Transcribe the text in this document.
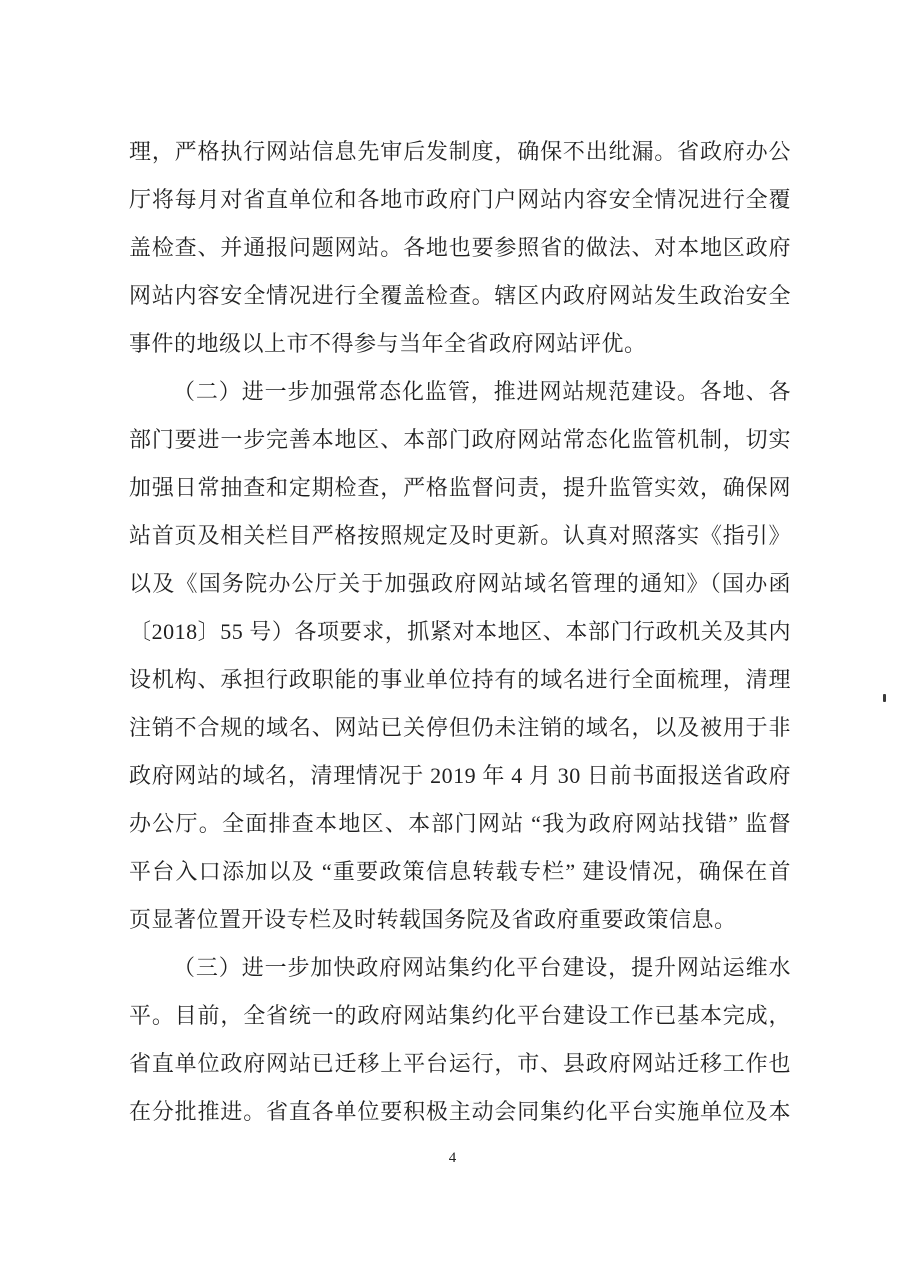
理，严格执行网站信息先审后发制度，确保不出纰漏。省政府办公
厅将每月对省直单位和各地市政府门户网站内容安全情况进行全覆
盖检查、并通报问题网站。各地也要参照省的做法、对本地区政府
网站内容安全情况进行全覆盖检查。辖区内政府网站发生政治安全
事件的地级以上市不得参与当年全省政府网站评优。
（二）进一步加强常态化监管，推进网站规范建设。各地、各
部门要进一步完善本地区、本部门政府网站常态化监管机制，切实
加强日常抽查和定期检查，严格监督问责，提升监管实效，确保网
站首页及相关栏目严格按照规定及时更新。认真对照落实《指引》
以及《国务院办公厅关于加强政府网站域名管理的通知》（国办函
〔2018〕55 号）各项要求，抓紧对本地区、本部门行政机关及其内
设机构、承担行政职能的事业单位持有的域名进行全面梳理，清理
注销不合规的域名、网站已关停但仍未注销的域名，以及被用于非
政府网站的域名，清理情况于 2019 年 4 月 30 日前书面报送省政府
办公厅。全面排查本地区、本部门网站 “我为政府网站找错” 监督
平台入口添加以及 “重要政策信息转载专栏” 建设情况，确保在首
页显著位置开设专栏及时转载国务院及省政府重要政策信息。
（三）进一步加快政府网站集约化平台建设，提升网站运维水
平。目前，全省统一的政府网站集约化平台建设工作已基本完成，
省直单位政府网站已迁移上平台运行，市、县政府网站迁移工作也
在分批推进。省直各单位要积极主动会同集约化平台实施单位及本
4
